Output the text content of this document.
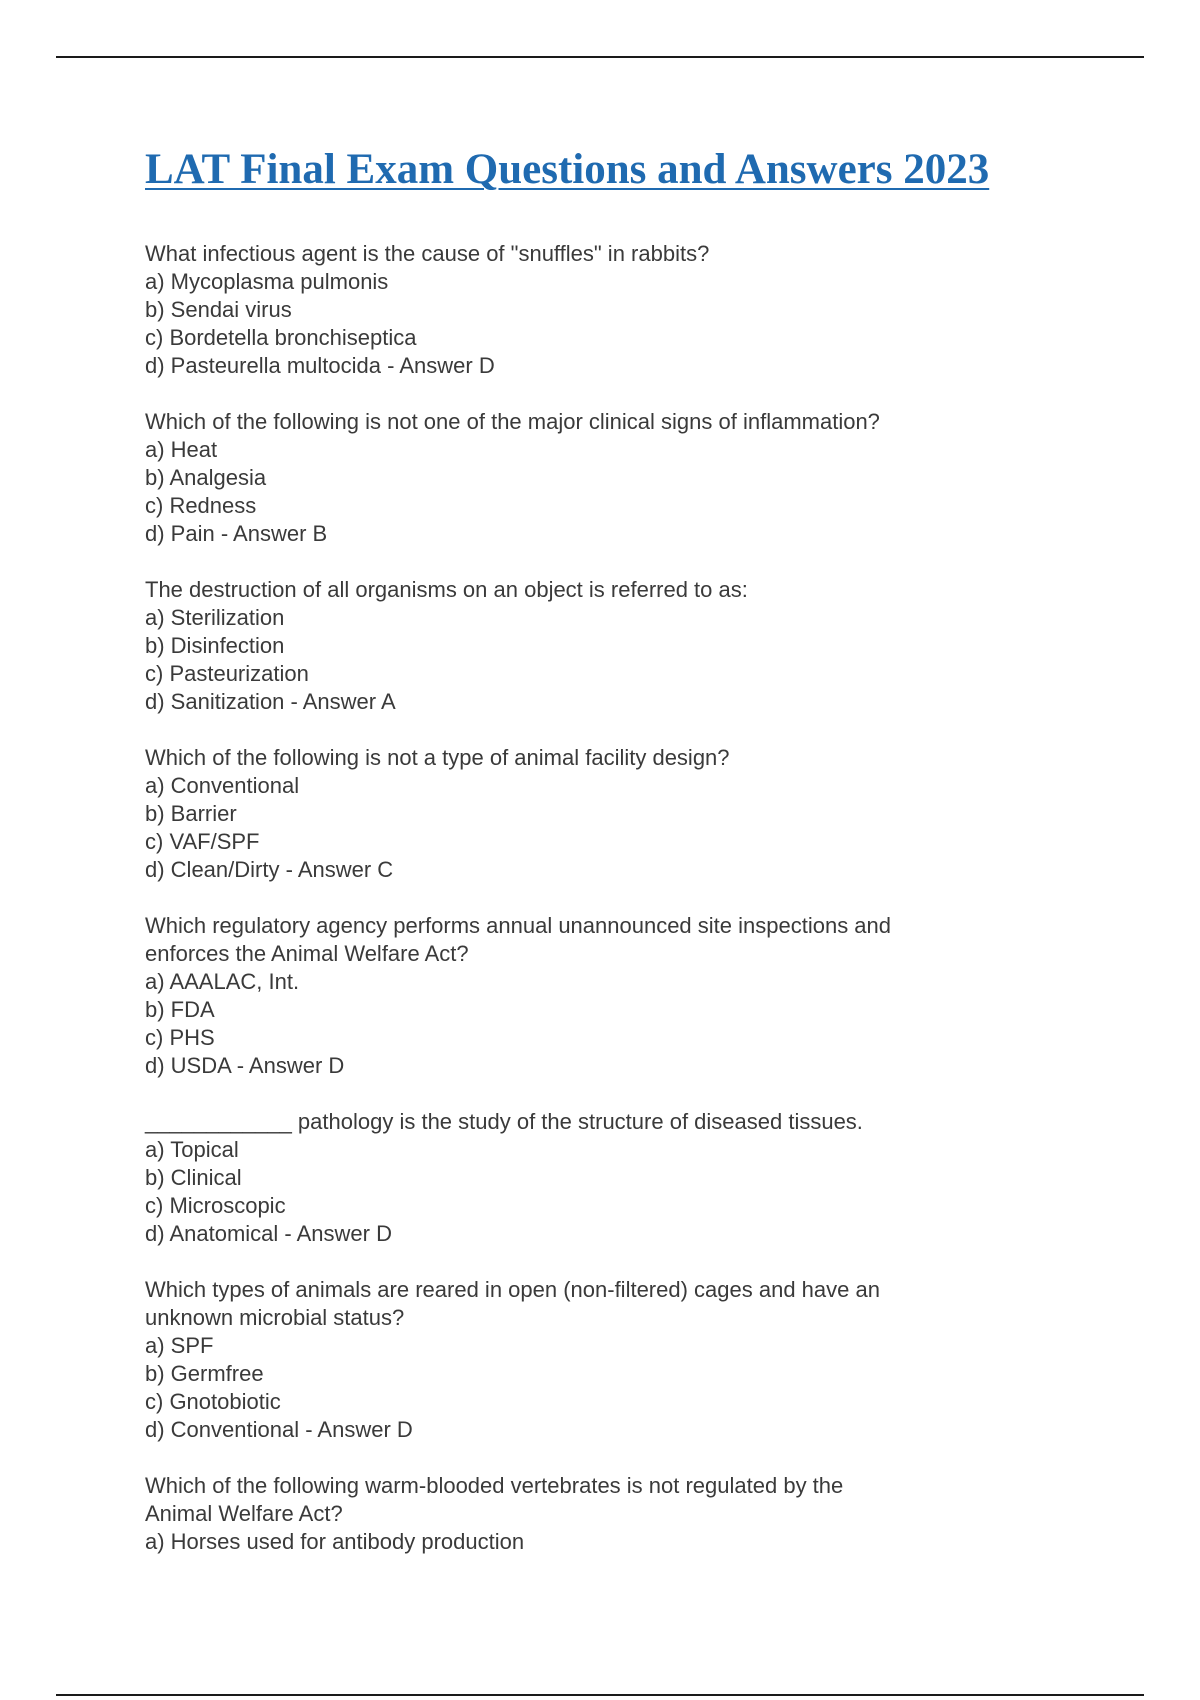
LAT Final Exam Questions and Answers 2023
What infectious agent is the cause of "snuffles" in rabbits?
a) Mycoplasma pulmonis
b) Sendai virus
c) Bordetella bronchiseptica
d) Pasteurella multocida - Answer D
Which of the following is not one of the major clinical signs of inflammation?
a) Heat
b) Analgesia
c) Redness
d) Pain - Answer B
The destruction of all organisms on an object is referred to as:
a) Sterilization
b) Disinfection
c) Pasteurization
d) Sanitization - Answer A
Which of the following is not a type of animal facility design?
a) Conventional
b) Barrier
c) VAF/SPF
d) Clean/Dirty - Answer C
Which regulatory agency performs annual unannounced site inspections and
enforces the Animal Welfare Act?
a) AAALAC, Int.
b) FDA
c) PHS
d) USDA - Answer D
____________ pathology is the study of the structure of diseased tissues.
a) Topical
b) Clinical
c) Microscopic
d) Anatomical - Answer D
Which types of animals are reared in open (non-filtered) cages and have an
unknown microbial status?
a) SPF
b) Germfree
c) Gnotobiotic
d) Conventional - Answer D
Which of the following warm-blooded vertebrates is not regulated by the
Animal Welfare Act?
a) Horses used for antibody production
